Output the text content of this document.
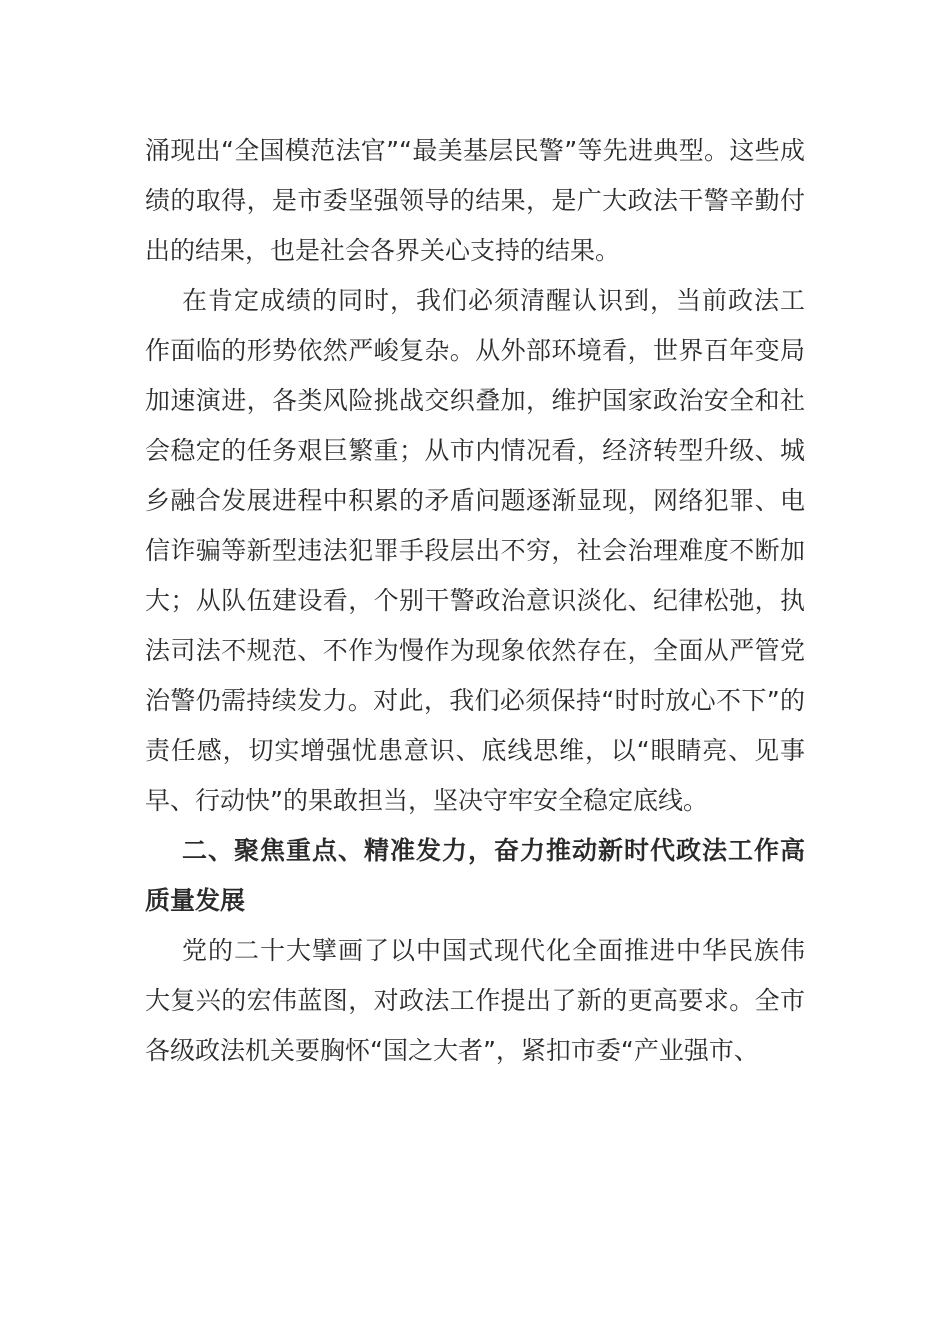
涌现出“全国模范法官”“最美基层民警”等先进典型。这些成绩的取得，是市委坚强领导的结果，是广大政法干警辛勤付出的结果，也是社会各界关心支持的结果。

在肯定成绩的同时，我们必须清醒认识到，当前政法工作面临的形势依然严峻复杂。从外部环境看，世界百年变局加速演进，各类风险挑战交织叠加，维护国家政治安全和社会稳定的任务艰巨繁重；从市内情况看，经济转型升级、城乡融合发展进程中积累的矛盾问题逐渐显现，网络犯罪、电信诈骗等新型违法犯罪手段层出不穷，社会治理难度不断加大；从队伍建设看，个别干警政治意识淡化、纪律松弛，执法司法不规范、不作为慢作为现象依然存在，全面从严管党治警仍需持续发力。对此，我们必须保持“时时放心不下”的责任感，切实增强忧患意识、底线思维，以“眼睛亮、见事早、行动快”的果敢担当，坚决守牢安全稳定底线。

二、聚焦重点、精准发力，奋力推动新时代政法工作高质量发展

党的二十大擘画了以中国式现代化全面推进中华民族伟大复兴的宏伟蓝图，对政法工作提出了新的更高要求。全市各级政法机关要胸怀“国之大者”，紧扣市委“产业强市、
